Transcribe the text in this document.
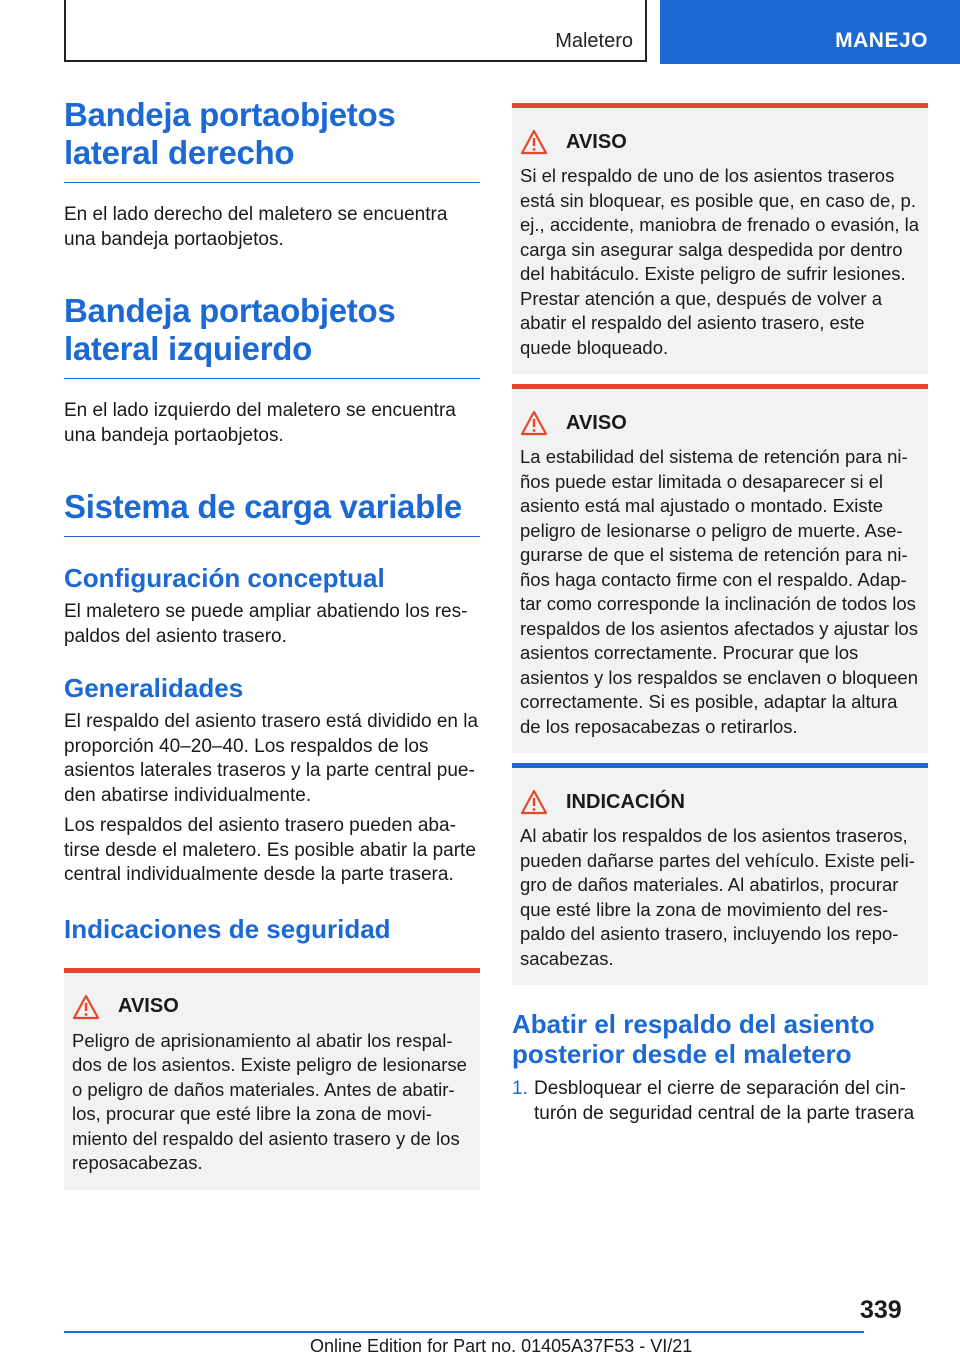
Maletero	MANEJO
Bandeja portaobjetos lateral derecho

En el lado derecho del maletero se encuentra una bandeja portaobjetos.

Bandeja portaobjetos lateral izquierdo

En el lado izquierdo del maletero se encuentra una bandeja portaobjetos.

Sistema de carga variable
Configuración conceptual

El maletero se puede ampliar abatiendo los respaldos del asiento trasero.

Generalidades

El respaldo del asiento trasero está dividido en la proporción 40–20–40. Los respaldos de los asientos laterales traseros y la parte central pueden abatirse individualmente.

Los respaldos del asiento trasero pueden abatirse desde el maletero. Es posible abatir la parte central individualmente desde la parte trasera.

Indicaciones de seguridad
AVISO

Peligro de aprisionamiento al abatir los respaldos de los asientos. Existe peligro de lesionarse o peligro de daños materiales. Antes de abatirlos, procurar que esté libre la zona de movimiento del respaldo del asiento trasero y de los reposacabezas.

AVISO

Si el respaldo de uno de los asientos traseros está sin bloquear, es posible que, en caso de, p. ej., accidente, maniobra de frenado o evasión, la carga sin asegurar salga despedida por dentro del habitáculo. Existe peligro de sufrir lesiones. Prestar atención a que, después de volver a abatir el respaldo del asiento trasero, este quede bloqueado.

AVISO

La estabilidad del sistema de retención para niños puede estar limitada o desaparecer si el asiento está mal ajustado o montado. Existe peligro de lesionarse o peligro de muerte. Asegurarse de que el sistema de retención para niños haga contacto firme con el respaldo. Adaptar como corresponde la inclinación de todos los respaldos de los asientos afectados y ajustar los asientos correctamente. Procurar que los asientos y los respaldos se enclaven o bloqueen correctamente. Si es posible, adaptar la altura de los reposacabezas o retirarlos.

INDICACIÓN

Al abatir los respaldos de los asientos traseros, pueden dañarse partes del vehículo. Existe peligro de daños materiales. Al abatirlos, procurar que esté libre la zona de movimiento del respaldo del asiento trasero, incluyendo los reposacabezas.

Abatir el respaldo del asiento posterior desde el maletero
1. Desbloquear el cierre de separación del cinturón de seguridad central de la parte trasera
339
Online Edition for Part no. 01405A37F53 - VI/21
